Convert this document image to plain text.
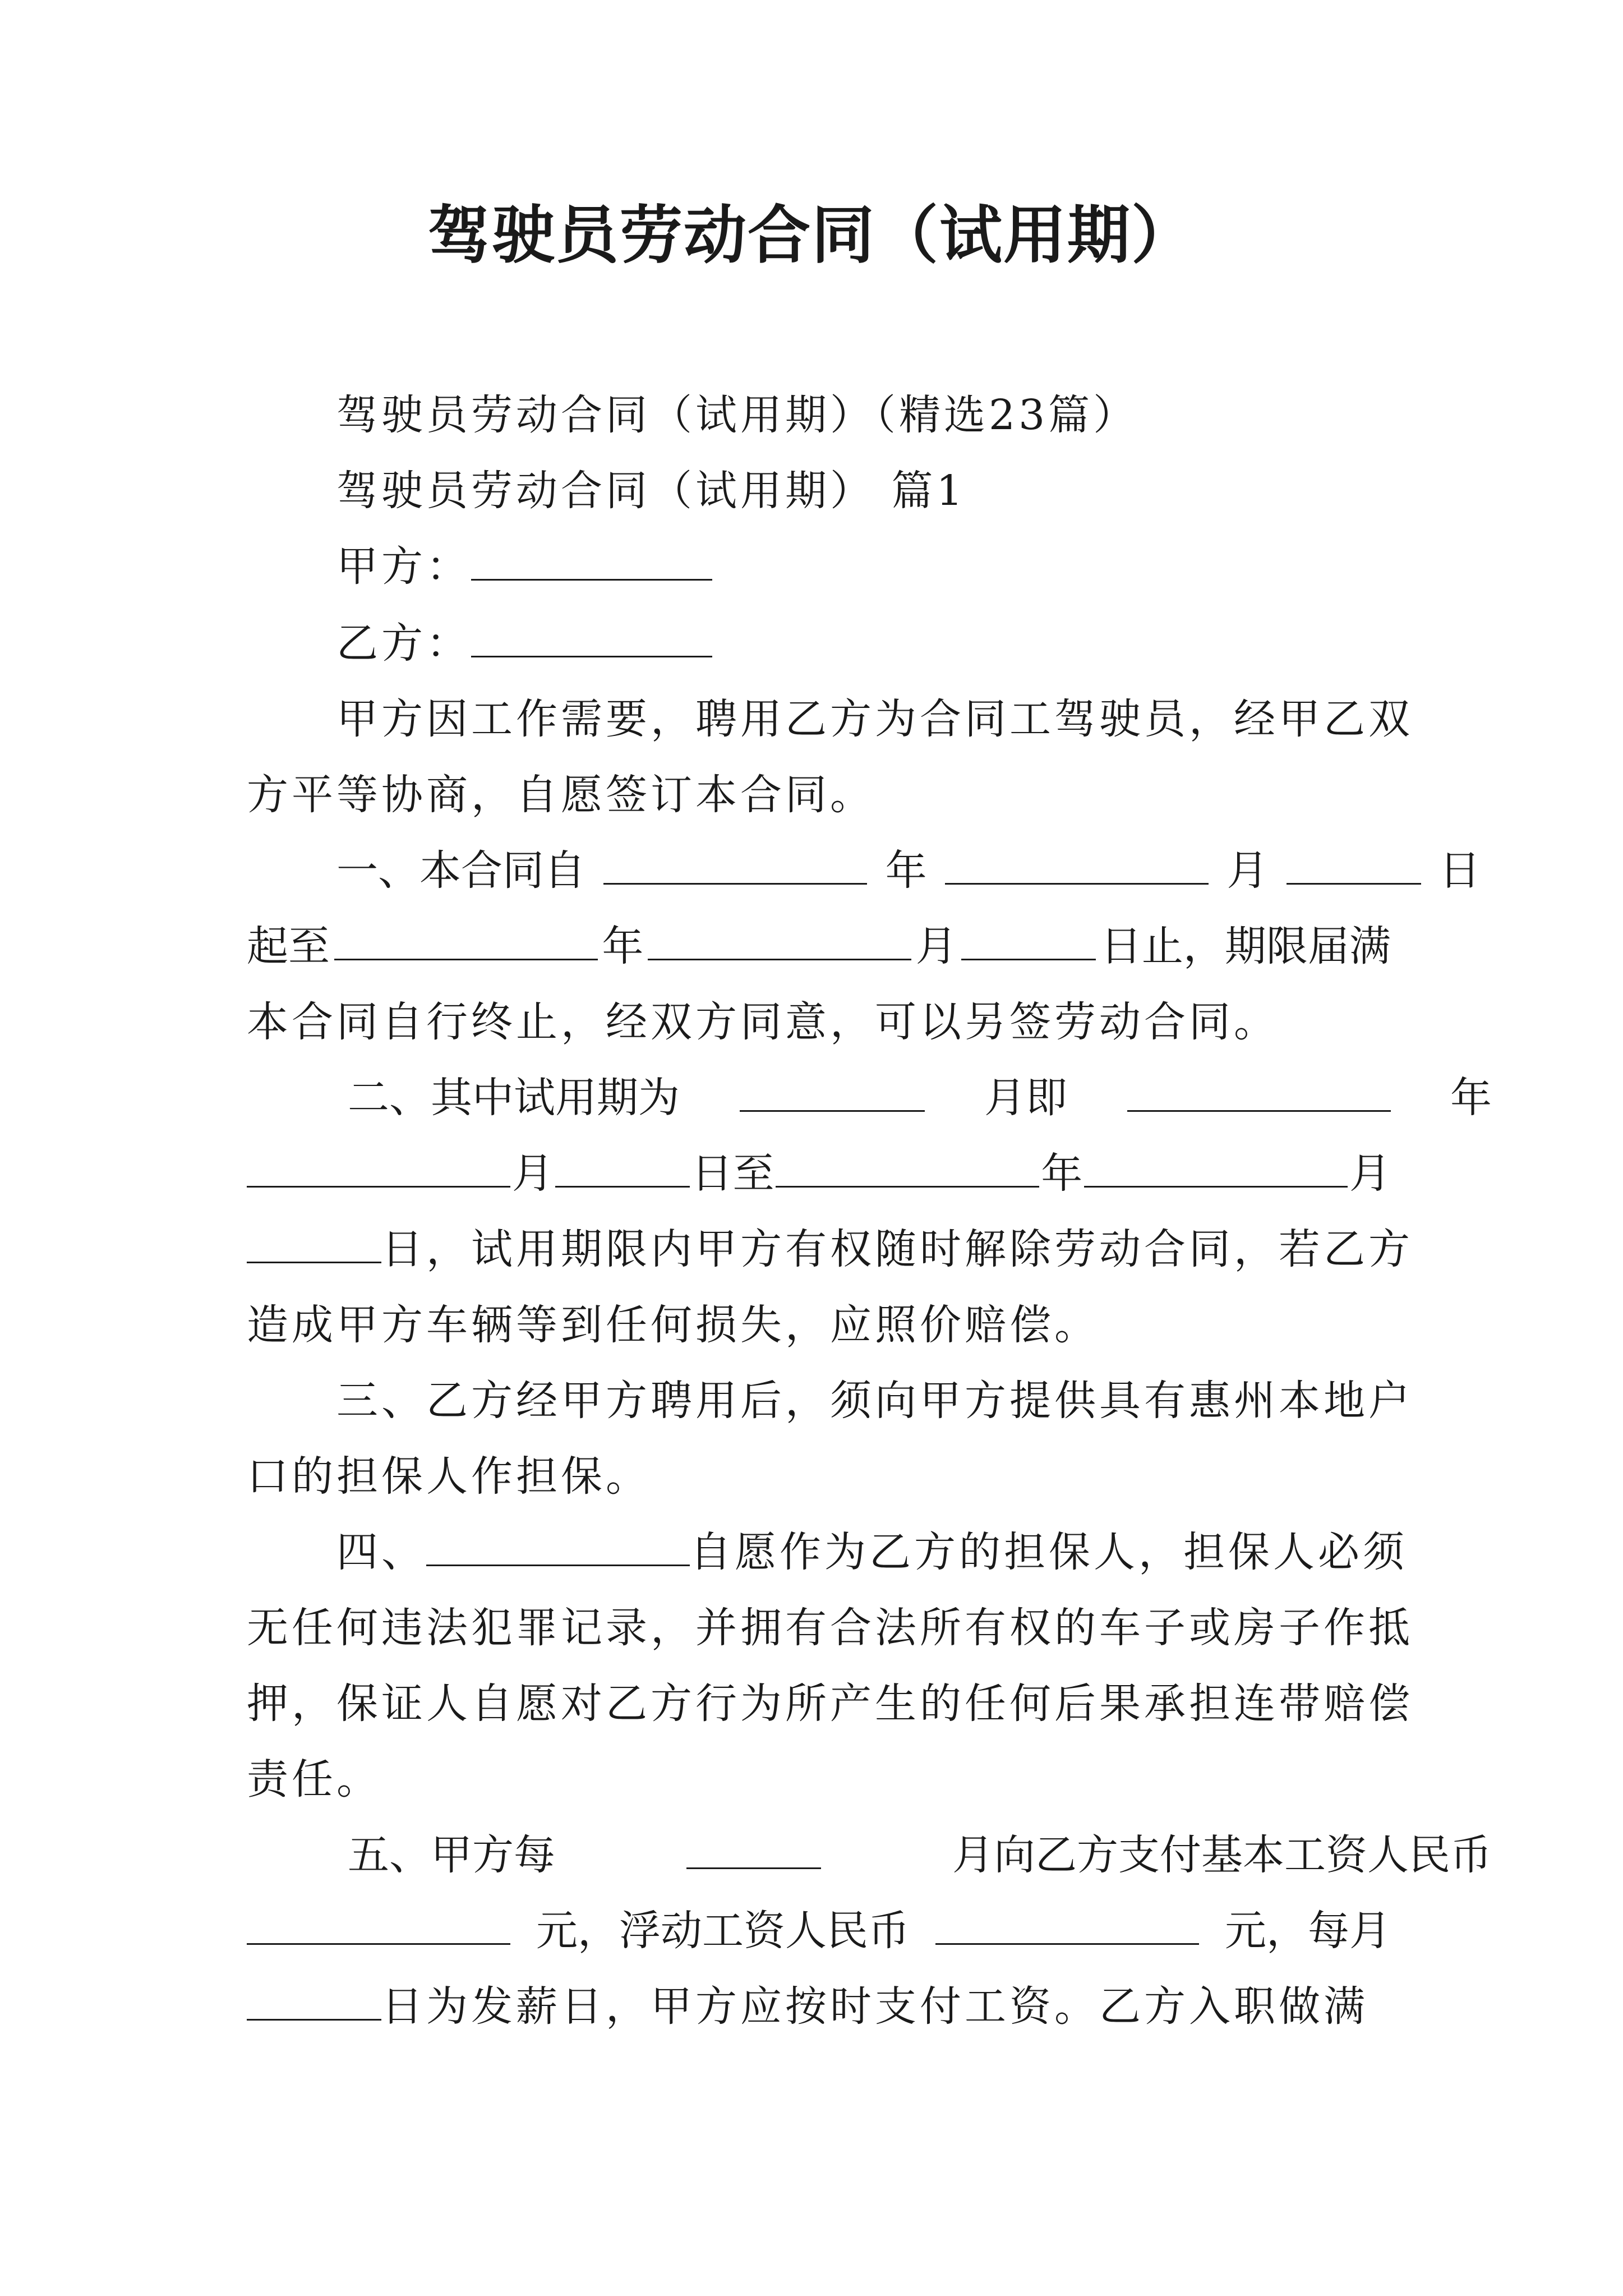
驾驶员劳动合同（试用期）
驾驶员劳动合同（试用期）（精选23篇）
驾驶员劳动合同（试用期） 篇1
甲方：
乙方：
甲方因工作需要，聘用乙方为合同工驾驶员，经甲乙双
方平等协商，自愿签订本合同。
一、本合同自	年	月	日
起至	年	月	日止，期限届满
本合同自行终止，经双方同意，可以另签劳动合同。
二、其中试用期为	月即	年
月	日至	年	月
日，试用期限内甲方有权随时解除劳动合同，若乙方
造成甲方车辆等到任何损失，应照价赔偿。
三、乙方经甲方聘用后，须向甲方提供具有惠州本地户
口的担保人作担保。
四、	自愿作为乙方的担保人，担保人必须
无任何违法犯罪记录，并拥有合法所有权的车子或房子作抵
押，保证人自愿对乙方行为所产生的任何后果承担连带赔偿
责任。
五、甲方每	月向乙方支付基本工资人民币
元，浮动工资人民币	元，每月
日为发薪日，甲方应按时支付工资。乙方入职做满
